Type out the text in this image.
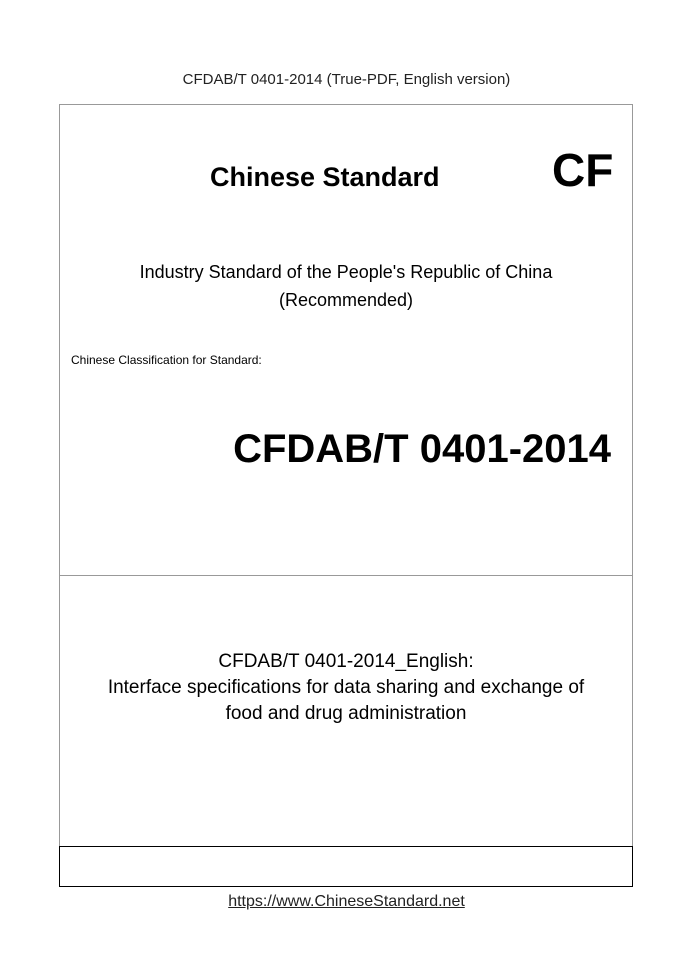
CFDAB/T 0401-2014 (True-PDF, English version)
Chinese Standard CF
Industry Standard of the People's Republic of China
(Recommended)
Chinese Classification for Standard:
CFDAB/T 0401-2014
CFDAB/T 0401-2014_English:
Interface specifications for data sharing and exchange of
food and drug administration
https://www.ChineseStandard.net
